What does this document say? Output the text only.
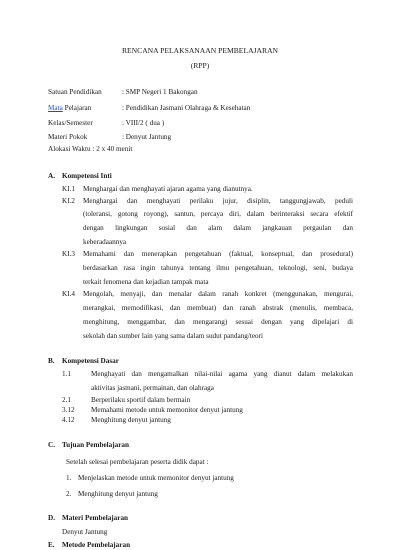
RENCANA PELAKSANAAN PEMBELAJARAN
(RPP)
Satuan Pendidikan	: SMP Negeri 1 Bakongan
Mata Pelajaran	: Pendidikan Jasmani Olahraga & Kesehatan
Kelas/Semester	: VIII/2 ( dua )
Materi Pokok	: Denyut Jantung
Alokasi Waktu : 2 x 40 menit
A. Kompetensi Inti
KI.1 Menghargai dan menghayati ajaran agama yang dianutnya.
KI.2 Menghargai dan menghayati perilaku jujur, disiplin, tanggungjawab, peduli
(toleransi, gotong royong), santun, percaya diri, dalam berinteraksi secara efektif
dengan lingkungan sosial dan alam dalam jangkauan pergaulan dan
keberadaannya
KI.3 Memahami dan menerapkan pengetahuan (faktual, konseptual, dan prosedural)
berdasarkan rasa ingin tahunya tentang ilmu pengetahuan, teknologi, seni, budaya
terkait fenomena dan kejadian tampak mata
KI.4 Mengolah, menyaji, dan menalar dalam ranah konkret (menggunakan, mengurai,
merangkai, memodifikasi, dan membuat) dan ranah abstrak (menulis, membaca,
menghitung, menggambar, dan mengarang) sesuai dengan yang dipelajari di
sekolah dan sumber lain yang sama dalam sudut pandang/teori
B. Kompetensi Dasar
1.1	Menghayati dan mengamalkan nilai-nilai agama yang dianut dalam melakukan
aktivitas jasmani, permainan, dan olahraga
2.1	Berperilaku sportif dalam bermain
3.12 Memahami metode untuk memonitor denyut jantung
4.12 Menghitung denyut jantung
C. Tujuan Pembelajaran
Setelah selesai pembelajaran peserta didik dapat :
1. Menjelaskan metode untuk memonitor denyut jantung
2. Menghitung denyut jantung
D. Materi Pembelajaran
Denyut Jantung
E. Metode Pembelajaran
